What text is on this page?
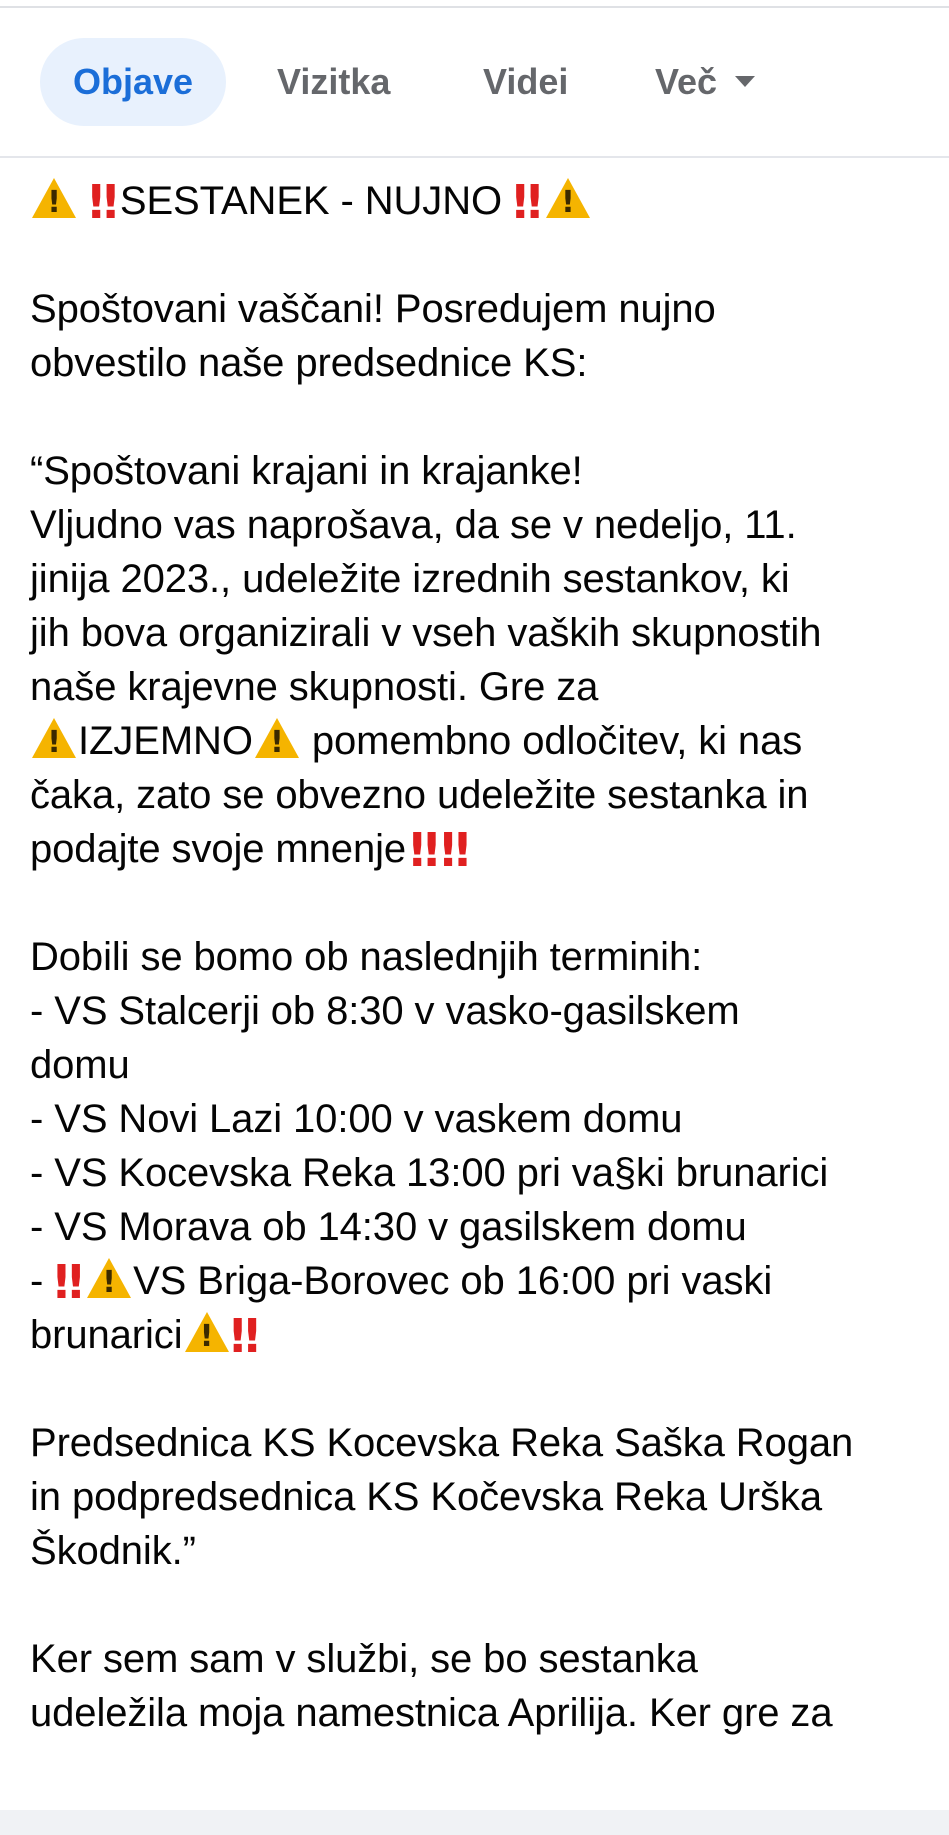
Objave	Vizitka	Videi Več
! ‼ SESTANEK - NUJNO ‼!
Spoštovani vaščani! Posredujem nujno
obvestilo naše predsednice KS:
“Spoštovani krajani in krajanke!
Vljudno vas naprošava, da se v nedeljo, 11.
jinija 2023., udeležite izrednih sestankov, ki
jih bova organizirali v vseh vaških skupnostih
naše krajevne skupnosti. Gre za
!IZJEMNO! pomembno odločitev, ki nas
čaka, zato se obvezno udeležite sestanka in
podajte svoje mnenje‼ ‼
Dobili se bomo ob naslednjih terminih:
- VS Stalcerji ob 8:30 v vasko-gasilskem
domu
- VS Novi Lazi 10:00 v vaskem domu
- VS Kocevska Reka 13:00 pri va§ki brunarici
- VS Morava ob 14:30 v gasilskem domu
- ‼ ! VS Briga-Borovec ob 16:00 pri vaski
brunarici ! ‼
Predsednica KS Kocevska Reka Saška Rogan
in podpredsednica KS Kočevska Reka Urška
Škodnik.”
Ker sem sam v službi, se bo sestanka
udeležila moja namestnica Aprilija. Ker gre za
